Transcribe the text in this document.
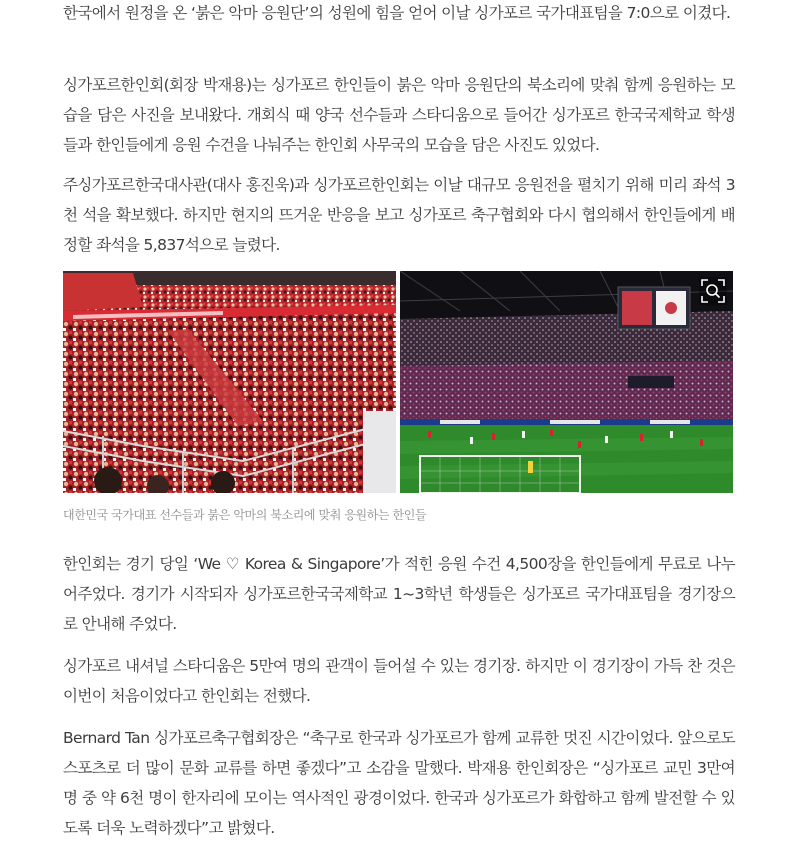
한국에서 원정을 온 ‘붉은 악마 응원단’의 성원에 힘을 얻어 이날 싱가포르 국가대표팀을 7:0으로 이겼다.

싱가포르한인회(회장 박재용)는 싱가포르 한인들이 붉은 악마 응원단의 북소리에 맞춰 함께 응원하는 모습을 담은 사진을 보내왔다. 개회식 때 양국 선수들과 스타디움으로 들어간 싱가포르 한국국제학교 학생들과 한인들에게 응원 수건을 나눠주는 한인회 사무국의 모습을 담은 사진도 있었다.

주싱가포르한국대사관(대사 홍진욱)과 싱가포르한인회는 이날 대규모 응원전을 펼치기 위해 미리 좌석 3천 석을 확보했다. 하지만 현지의 뜨거운 반응을 보고 싱가포르 축구협회와 다시 협의해서 한인들에게 배정할 좌석을 5,837석으로 늘렸다.

대한민국 국가대표 선수들과 붉은 악마의 북소리에 맞춰 응원하는 한인들

한인회는 경기 당일 ‘We ♡ Korea & Singapore’가 적힌 응원 수건 4,500장을 한인들에게 무료로 나누어주었다. 경기가 시작되자 싱가포르한국국제학교 1~3학년 학생들은 싱가포르 국가대표팀을 경기장으로 안내해 주었다.

싱가포르 내셔널 스타디움은 5만여 명의 관객이 들어설 수 있는 경기장. 하지만 이 경기장이 가득 찬 것은 이번이 처음이었다고 한인회는 전했다.

Bernard Tan 싱가포르축구협회장은 “축구로 한국과 싱가포르가 함께 교류한 멋진 시간이었다. 앞으로도 스포츠로 더 많이 문화 교류를 하면 좋겠다”고 소감을 말했다. 박재용 한인회장은 “싱가포르 교민 3만여 명 중 약 6천 명이 한자리에 모이는 역사적인 광경이었다. 한국과 싱가포르가 화합하고 함께 발전할 수 있도록 더욱 노력하겠다”고 밝혔다.
